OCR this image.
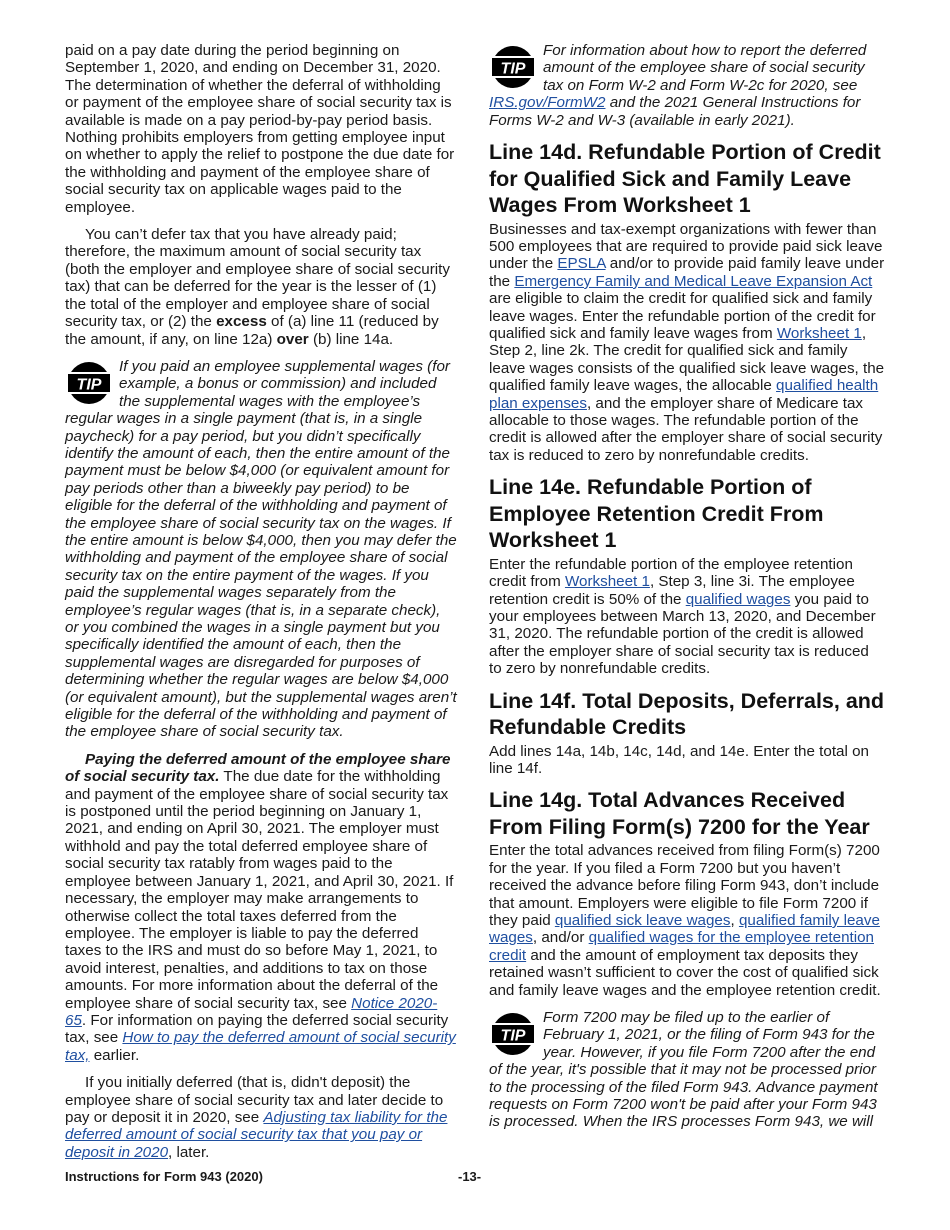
paid on a pay date during the period beginning on September 1, 2020, and ending on December 31, 2020. The determination of whether the deferral of withholding or payment of the employee share of social security tax is available is made on a pay period-by-pay period basis. Nothing prohibits employers from getting employee input on whether to apply the relief to postpone the due date for the withholding and payment of the employee share of social security tax on applicable wages paid to the employee.

You can’t defer tax that you have already paid; therefore, the maximum amount of social security tax (both the employer and employee share of social security tax) that can be deferred for the year is the lesser of (1) the total of the employer and employee share of social security tax, or (2) the excess of (a) line 11 (reduced by the amount, if any, on line 12a) over (b) line 14a.

TIP
If you paid an employee supplemental wages (for example, a bonus or commission) and included the supplemental wages with the employee’s regular wages in a single payment (that is, in a single paycheck) for a pay period, but you didn’t specifically identify the amount of each, then the entire amount of the payment must be below $4,000 (or equivalent amount for pay periods other than a biweekly pay period) to be eligible for the deferral of the withholding and payment of the employee share of social security tax on the wages. If the entire amount is below $4,000, then you may defer the withholding and payment of the employee share of social security tax on the entire payment of the wages. If you paid the supplemental wages separately from the employee’s regular wages (that is, in a separate check), or you combined the wages in a single payment but you specifically identified the amount of each, then the supplemental wages are disregarded for purposes of determining whether the regular wages are below $4,000 (or equivalent amount), but the supplemental wages aren’t eligible for the deferral of the withholding and payment of the employee share of social security tax.

Paying the deferred amount of the employee share of social security tax. The due date for the withholding and payment of the employee share of social security tax is postponed until the period beginning on January 1, 2021, and ending on April 30, 2021. The employer must withhold and pay the total deferred employee share of social security tax ratably from wages paid to the employee between January 1, 2021, and April 30, 2021. If necessary, the employer may make arrangements to otherwise collect the total taxes deferred from the employee. The employer is liable to pay the deferred taxes to the IRS and must do so before May 1, 2021, to avoid interest, penalties, and additions to tax on those amounts. For more information about the deferral of the employee share of social security tax, see Notice 2020-65. For information on paying the deferred social security tax, see How to pay the deferred amount of social security tax, earlier.

If you initially deferred (that is, didn't deposit) the employee share of social security tax and later decide to pay or deposit it in 2020, see Adjusting tax liability for the deferred amount of social security tax that you pay or deposit in 2020, later.

TIP
For information about how to report the deferred amount of the employee share of social security tax on Form W-2 and Form W-2c for 2020, see IRS.gov/FormW2 and the 2021 General Instructions for Forms W-2 and W-3 (available in early 2021).
Line 14d. Refundable Portion of Credit for Qualified Sick and Family Leave Wages From Worksheet 1

Businesses and tax-exempt organizations with fewer than 500 employees that are required to provide paid sick leave under the EPSLA and/or to provide paid family leave under the Emergency Family and Medical Leave Expansion Act are eligible to claim the credit for qualified sick and family leave wages. Enter the refundable portion of the credit for qualified sick and family leave wages from Worksheet 1, Step 2, line 2k. The credit for qualified sick and family leave wages consists of the qualified sick leave wages, the qualified family leave wages, the allocable qualified health plan expenses, and the employer share of Medicare tax allocable to those wages. The refundable portion of the credit is allowed after the employer share of social security tax is reduced to zero by nonrefundable credits.

Line 14e. Refundable Portion of Employee Retention Credit From Worksheet 1

Enter the refundable portion of the employee retention credit from Worksheet 1, Step 3, line 3i. The employee retention credit is 50% of the qualified wages you paid to your employees between March 13, 2020, and December 31, 2020. The refundable portion of the credit is allowed after the employer share of social security tax is reduced to zero by nonrefundable credits.

Line 14f. Total Deposits, Deferrals, and Refundable Credits

Add lines 14a, 14b, 14c, 14d, and 14e. Enter the total on line 14f.

Line 14g. Total Advances Received From Filing Form(s) 7200 for the Year

Enter the total advances received from filing Form(s) 7200 for the year. If you filed a Form 7200 but you haven’t received the advance before filing Form 943, don’t include that amount. Employers were eligible to file Form 7200 if they paid qualified sick leave wages, qualified family leave wages, and/or qualified wages for the employee retention credit and the amount of employment tax deposits they retained wasn’t sufficient to cover the cost of qualified sick and family leave wages and the employee retention credit.

TIP
Form 7200 may be filed up to the earlier of February 1, 2021, or the filing of Form 943 for the year. However, if you file Form 7200 after the end of the year, it's possible that it may not be processed prior to the processing of the filed Form 943. Advance payment requests on Form 7200 won't be paid after your Form 943 is processed. When the IRS processes Form 943, we will
Instructions for Form 943 (2020)	-13-
